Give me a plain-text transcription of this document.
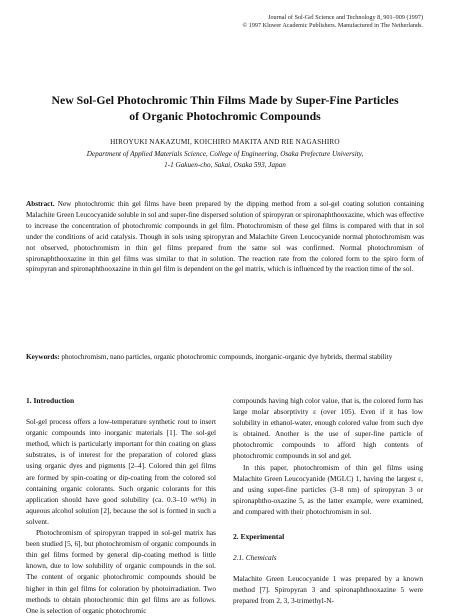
Journal of Sol-Gel Science and Technology 8, 901–909 (1997)
© 1997 Kluwer Academic Publishers. Manufactured in The Netherlands.
New Sol-Gel Photochromic Thin Films Made by Super-Fine Particles
of Organic Photochromic Compounds
HIROYUKI NAKAZUMI, KOICHIRO MAKITA AND RIE NAGASHIRO
Department of Applied Materials Science, College of Engineering, Osaka Prefecture University,
1-1 Gakuen-cho, Sakai, Osaka 593, Japan
Abstract. New photochromic thin gel films have been prepared by the dipping method from a sol-gel coating solution containing Malachite Green Leucocyanide soluble in sol and super-fine dispersed solution of spiropyran or spironaphthooxazine, which was effective to increase the concentration of photochromic compounds in gel film. Photochromism of these gel films is compared with that in sol under the conditions of acid catalysis. Though in sols using spiropyran and Malachite Green Leucocyanide normal photochromism was not observed, photochromism in thin gel films prepared from the same sol was confirmed. Normal photochromism of spironaphthooxazine in thin gel films was similar to that in solution. The reaction rate from the colored form to the spiro form of spiropyran and spironaphthooxazine in thin gel film is dependent on the gel matrix, which is influenced by the reaction time of the sol.
Keywords: photochromism, nano particles, organic photochromic compounds, inorganic-organic dye hybrids, thermal stability
1. Introduction

Sol-gel process offers a low-temperature synthetic rout to insert organic compounds into inorganic materials [1]. The sol-gel method, which is particularly important for thin coating on glass substrates, is of interest for the preparation of colored glass using organic dyes and pigments [2–4]. Colored thin gel films are formed by spin-coating or dip-coating from the colored sol containing organic colorants. Such organic colorants for this application should have good solubility (ca. 0.3–10 wt%) in aqueous alcohol solution [2], because the sol is formed in such a solvent.

Photochromism of spiropyran trapped in sol-gel matrix has been studied [5, 6], but photochromism of organic compounds in thin gel films formed by general dip-coating method is little known, due to low solubility of organic compounds in the sol. The content of organic photochromic compounds should be higher in thin gel films for coloration by photoirradiation. Two methods to obtain photochromic thin gel films are as follows. One is selection of organic photochromic

compounds having high color value, that is, the colored form has large molar absorptivity ε (over 105). Even if it has low solubility in ethanol-water, enough colored value from such dye is obtained. Another is the use of super-fine particle of photochromic compounds to afford high contents of photochromic compounds in sol and gel.

In this paper, photochromism of thin gel films using Malachite Green Leucocyanide (MGLC) 1, having the largest ε, and using super-fine particles (3–8 nm) of spiropyran 3 or spironaphtho-oxazine 5, as the latter example, were examined, and compared with their photochromism in sol.

2. Experimental
2.1. Chemicals

Malachite Green Leucocyanide 1 was prepared by a known method [7]. Spiropyran 3 and spironaphthooxazine 5 were prepared from 2, 3, 3-trimethyl-N-
